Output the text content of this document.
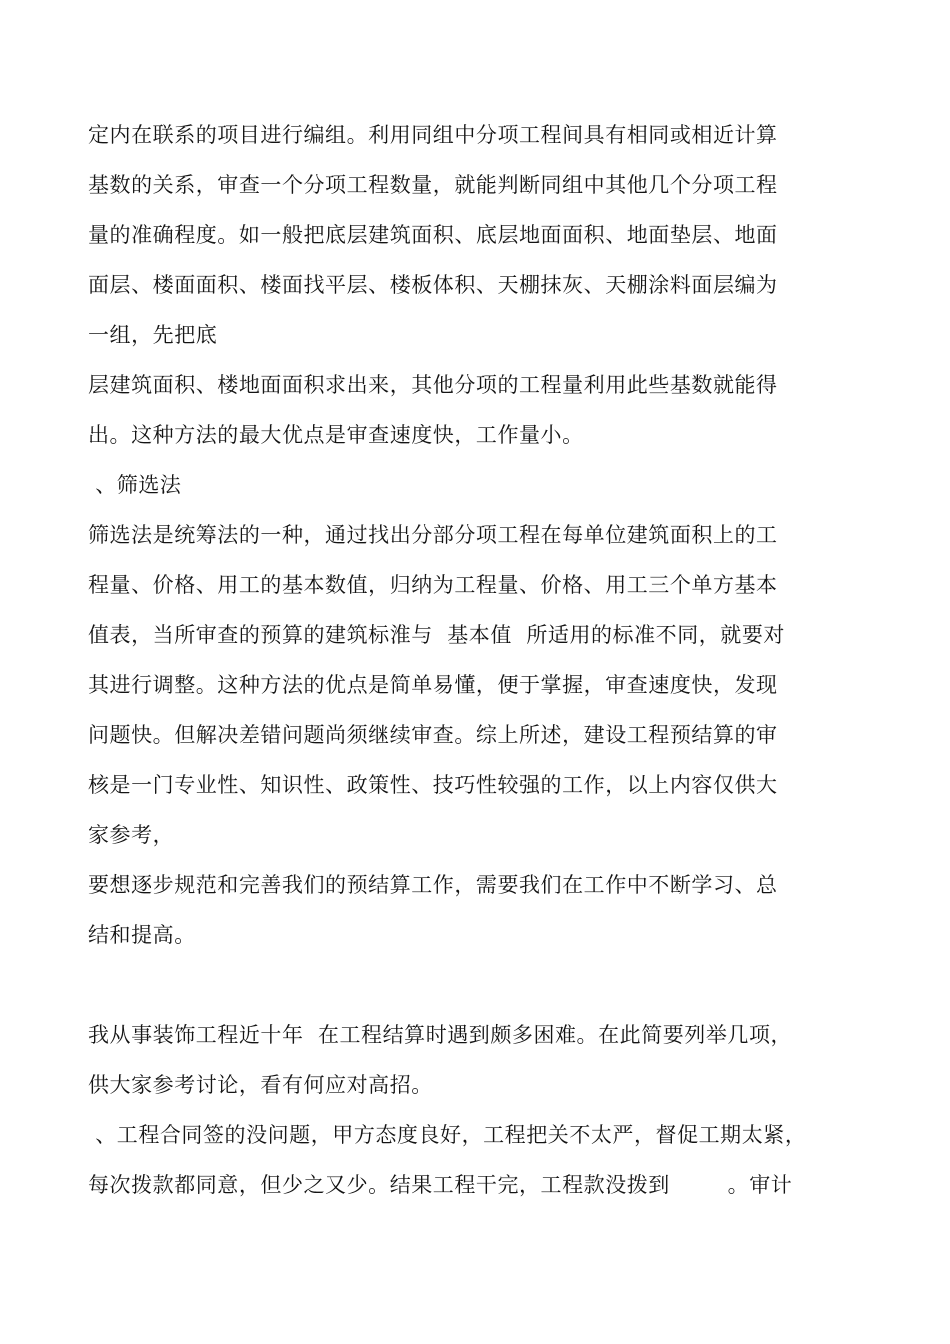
定内在联系的项目进行编组。利用同组中分项工程间具有相同或相近计算

基数的关系，审查一个分项工程数量，就能判断同组中其他几个分项工程

量的准确程度。如一般把底层建筑面积、底层地面面积、地面垫层、地面

面层、楼面面积、楼面找平层、楼板体积、天棚抹灰、天棚涂料面层编为

一组，先把底

层建筑面积、楼地面面积求出来，其他分项的工程量利用此些基数就能得

出。这种方法的最大优点是审查速度快，工作量小。

、筛选法

筛选法是统筹法的一种，通过找出分部分项工程在每单位建筑面积上的工

程量、价格、用工的基本数值，归纳为工程量、价格、用工三个单方基本

值表，当所审查的预算的建筑标淮与  基本值  所适用的标准不同，就要对

其进行调整。这种方法的优点是简单易懂，便于掌握，审查速度快，发现

问题快。但解决差错问题尚须继续审查。综上所述，建设工程预结算的审

核是一门专业性、知识性、政策性、技巧性较强的工作，以上内容仅供大

家参考，

要想逐步规范和完善我们的预结算工作，需要我们在工作中不断学习、总

结和提高。

我从事装饰工程近十年  在工程结算时遇到颇多困难。在此简要列举几项，

供大家参考讨论，看有何应对高招。

、工程合同签的没问题，甲方态度良好，工程把关不太严，督促工期太紧，

每次拨款都同意，但少之又少。结果工程干完，工程款没拨到        。审计
